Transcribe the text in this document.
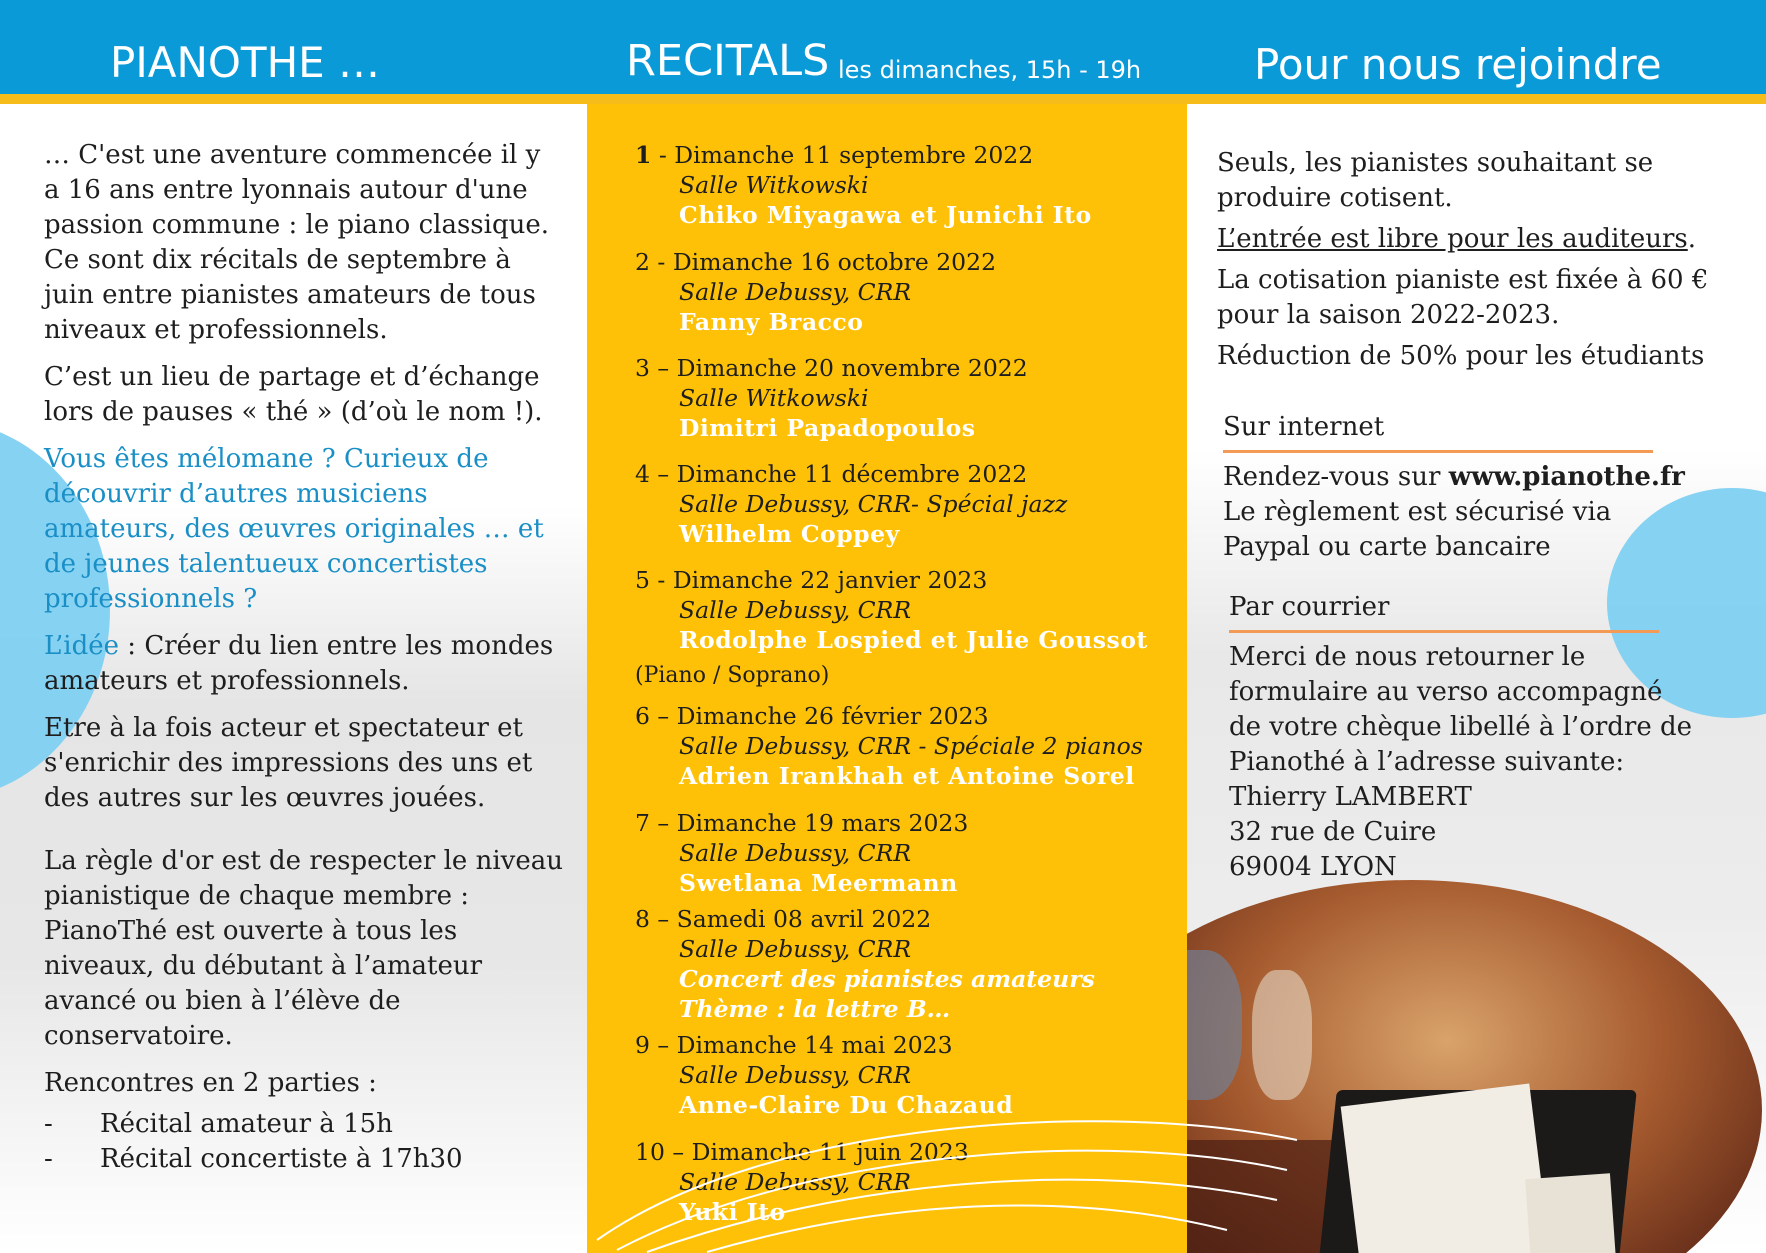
PIANOTHE …	RECITALS les dimanches, 15h - 19h	Pour nous rejoindre

… C'est une aventure commencée il y a 16 ans entre lyonnais autour d'une passion commune : le piano classique. Ce sont dix récitals de septembre à juin entre pianistes amateurs de tous niveaux et professionnels.

C’est un lieu de partage et d’échange lors de pauses « thé » (d’où le nom !).

Vous êtes mélomane ? Curieux de découvrir d’autres musiciens amateurs, des œuvres originales … et de jeunes talentueux concertistes professionnels ?

L’idée : Créer du lien entre les mondes amateurs et professionnels.

Etre à la fois acteur et spectateur et s'enrichir des impressions des uns et des autres sur les œuvres jouées.

La règle d'or est de respecter le niveau pianistique de chaque membre : PianoThé est ouverte à tous les niveaux, du débutant à l’amateur avancé ou bien à l’élève de conservatoire.

Rencontres en 2 parties :

- Récital amateur à 15h

- Récital concertiste à 17h30

1 - Dimanche 11 septembre 2022
Salle Witkowski
Chiko Miyagawa et Junichi Ito
2 - Dimanche 16 octobre 2022
Salle Debussy, CRR
Fanny Bracco
3 – Dimanche 20 novembre 2022
Salle Witkowski
Dimitri Papadopoulos
4 – Dimanche 11 décembre 2022
Salle Debussy, CRR- Spécial jazz
Wilhelm Coppey
5 - Dimanche 22 janvier 2023
Salle Debussy, CRR
Rodolphe Lospied et Julie Goussot
(Piano / Soprano)
6 – Dimanche 26 février 2023
Salle Debussy, CRR - Spéciale 2 pianos
Adrien Irankhah et Antoine Sorel
7 – Dimanche 19 mars 2023
Salle Debussy, CRR
Swetlana Meermann
8 – Samedi 08 avril 2022
Salle Debussy, CRR
Concert des pianistes amateurs
Thème : la lettre B…
9 – Dimanche 14 mai 2023
Salle Debussy, CRR
Anne-Claire Du Chazaud
10 – Dimanche 11 juin 2023
Salle Debussy, CRR
Yuki Ito

Seuls, les pianistes souhaitant se produire cotisent.

L’entrée est libre pour les auditeurs.

La cotisation pianiste est fixée à 60 € pour la saison 2022-2023.

Réduction de 50% pour les étudiants

Sur internet

Rendez-vous sur www.pianothe.fr

Le règlement est sécurisé via Paypal ou carte bancaire

Par courrier

Merci de nous retourner le formulaire au verso accompagné de votre chèque libellé à l’ordre de Pianothé à l’adresse suivante:

Thierry LAMBERT

32 rue de Cuire

69004 LYON
